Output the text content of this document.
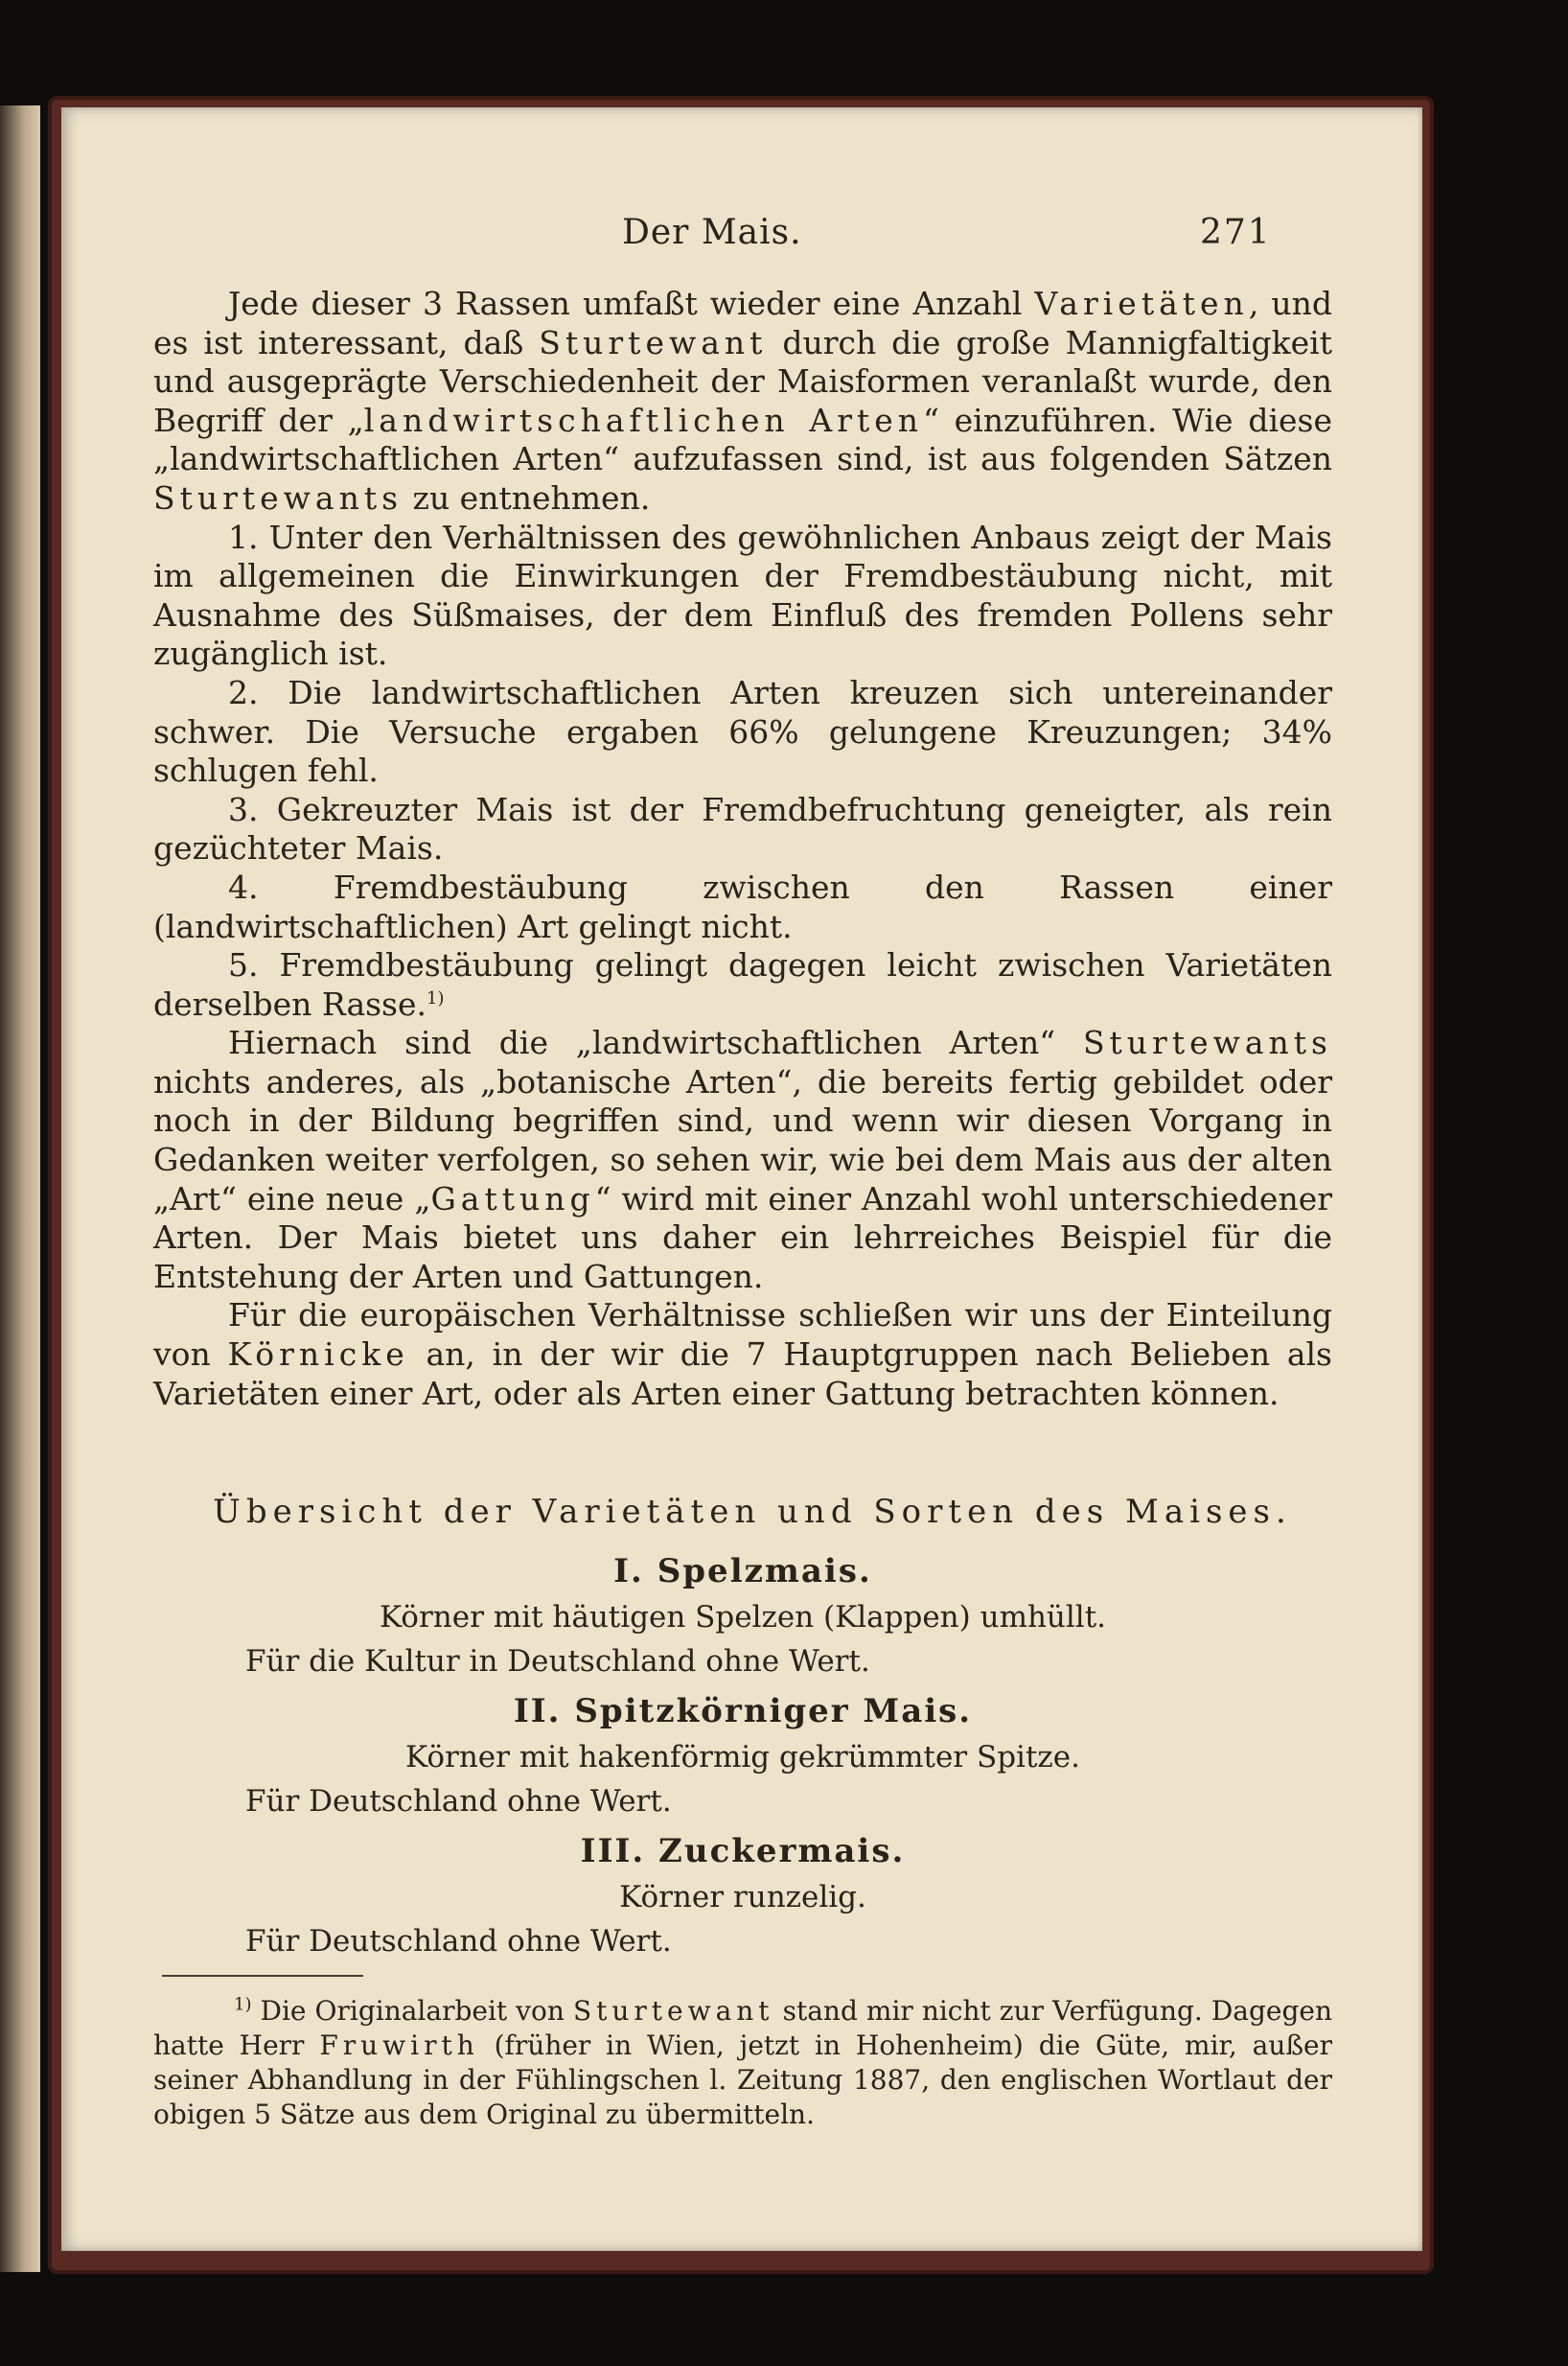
Der Mais.	271

Jede dieser 3 Rassen umfaßt wieder eine Anzahl Varietäten, und es ist interessant, daß Sturtewant durch die große Mannigfaltigkeit und ausgeprägte Verschiedenheit der Maisformen veranlaßt wurde, den Begriff der „landwirtschaftlichen Arten“ einzuführen. Wie diese „landwirtschaftlichen Arten“ aufzufassen sind, ist aus folgenden Sätzen Sturtewants zu entnehmen.

1. Unter den Verhältnissen des gewöhnlichen Anbaus zeigt der Mais im allgemeinen die Einwirkungen der Fremdbestäubung nicht, mit Ausnahme des Süßmaises, der dem Einfluß des fremden Pollens sehr zugänglich ist.

2. Die landwirtschaftlichen Arten kreuzen sich untereinander schwer. Die Versuche ergaben 66% gelungene Kreuzungen; 34% schlugen fehl.

3. Gekreuzter Mais ist der Fremdbefruchtung geneigter, als rein gezüchteter Mais.

4. Fremdbestäubung zwischen den Rassen einer (landwirtschaftlichen) Art gelingt nicht.

5. Fremdbestäubung gelingt dagegen leicht zwischen Varietäten derselben Rasse.$^{1)}$

Hiernach sind die „landwirtschaftlichen Arten“ Sturtewants nichts anderes, als „botanische Arten“, die bereits fertig gebildet oder noch in der Bildung begriffen sind, und wenn wir diesen Vorgang in Gedanken weiter verfolgen, so sehen wir, wie bei dem Mais aus der alten „Art“ eine neue „Gattung“ wird mit einer Anzahl wohl unterschiedener Arten. Der Mais bietet uns daher ein lehrreiches Beispiel für die Entstehung der Arten und Gattungen.

Für die europäischen Verhältnisse schließen wir uns der Einteilung von Körnicke an, in der wir die 7 Hauptgruppen nach Belieben als Varietäten einer Art, oder als Arten einer Gattung betrachten können.

Übersicht der Varietäten und Sorten des Maises.
I. Spelzmais.
Körner mit häutigen Spelzen (Klappen) umhüllt.
Für die Kultur in Deutschland ohne Wert.
II. Spitzkörniger Mais.
Körner mit hakenförmig gekrümmter Spitze.
Für Deutschland ohne Wert.
III. Zuckermais.
Körner runzelig.
Für Deutschland ohne Wert.

$^{1)}$ Die Originalarbeit von Sturtewant stand mir nicht zur Verfügung. Dagegen hatte Herr Fruwirth (früher in Wien, jetzt in Hohenheim) die Güte, mir, außer seiner Abhandlung in der Fühlingschen l. Zeitung 1887, den englischen Wortlaut der obigen 5 Sätze aus dem Original zu übermitteln.
